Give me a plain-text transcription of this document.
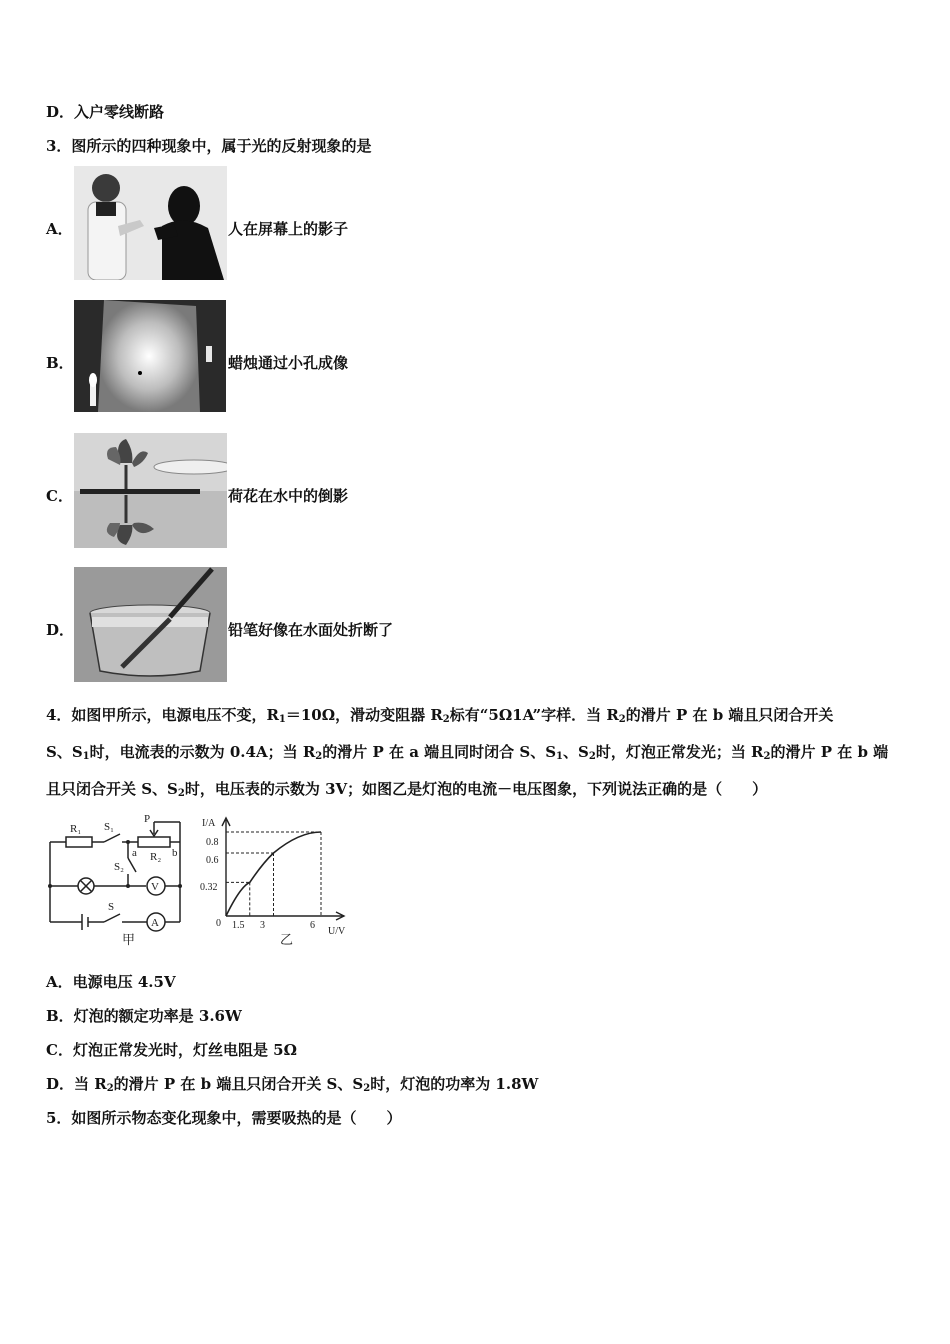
D．入户零线断路
3．图所示的四种现象中，属于光的反射现象的是
A．	人在屏幕上的影子
B．	蜡烛通过小孔成像
C．	荷花在水中的倒影
D．	铅笔好像在水面处折断了
4．如图甲所示，电源电压不变，$R_1=10\Omega$，滑动变阻器 $R_2$标有“5Ω1A”字样．当 $R_2$的滑片 P 在 b 端且只闭合开关
S、$S_1$时，电流表的示数为 0.4A；当 $R_2$的滑片 P 在 a 端且同时闭合 S、$S_1$、$S_2$时，灯泡正常发光；当 $R_2$的滑片 P 在 b 端
且只闭合开关 S、$S_2$时，电压表的示数为 3V；如图乙是灯泡的电流－电压图象，下列说法正确的是（　　）
R₁ S₁
P
a	b
R₂
S₂
V
S
A
甲
I/A
U/V
0
0.8
0.6
0.32
1.5 3	6
乙
A．电源电压 4.5V
B．灯泡的额定功率是 3.6W
C．灯泡正常发光时，灯丝电阻是 5Ω
D．当 $R_2$的滑片 P 在 b 端且只闭合开关 S、$S_2$时，灯泡的功率为 1.8W
5．如图所示物态变化现象中，需要吸热的是（　　）
